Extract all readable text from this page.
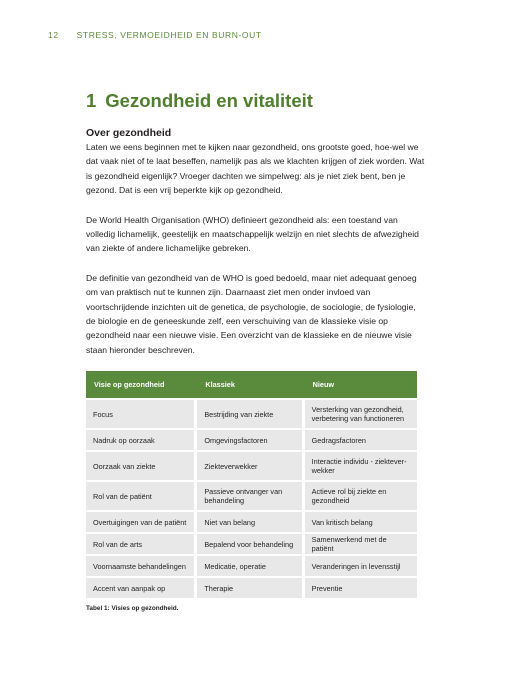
12 STRESS, VERMOEIDHEID EN BURN-OUT
1 Gezondheid en vitaliteit
Over gezondheid

Laten we eens beginnen met te kijken naar gezondheid, ons grootste goed, hoe-wel we dat vaak niet of te laat beseffen, namelijk pas als we klachten krijgen of ziek worden. Wat is gezondheid eigenlijk? Vroeger dachten we simpelweg: als je niet ziek bent, ben je gezond. Dat is een vrij beperkte kijk op gezondheid.

De World Health Organisation (WHO) definieert gezondheid als: een toestand van volledig lichamelijk, geestelijk en maatschappelijk welzijn en niet slechts de afwezigheid van ziekte of andere lichamelijke gebreken.

De definitie van gezondheid van de WHO is goed bedoeld, maar niet adequaat genoeg om van praktisch nut te kunnen zijn. Daarnaast ziet men onder invloed van voortschrijdende inzichten uit de genetica, de psychologie, de sociologie, de fysiologie, de biologie en de geneeskunde zelf, een verschuiving van de klassieke visie op gezondheid naar een nieuwe visie. Een overzicht van de klassieke en de nieuwe visie staan hieronder beschreven.

Visie op gezondheid	Klassiek	Nieuw
Focus	Bestrijding van ziekte	Versterking van gezondheid, verbetering van functioneren
Nadruk op oorzaak	Omgevingsfactoren	Gedragsfactoren
Oorzaak van ziekte	Ziekteverwekker	Interactie individu - ziektever-wekker
Rol van de patiënt	Passieve ontvanger van behandeling	Actieve rol bij ziekte en gezondheid
Overtuigingen van de patiënt	Niet van belang	Van kritisch belang
Rol van de arts	Bepalend voor behandeling	Samenwerkend met de patiënt
Voornaamste behandelingen	Medicatie, operatie	Veranderingen in levensstijl
Accent van aanpak op	Therapie	Preventie
Tabel 1: Visies op gezondheid.
